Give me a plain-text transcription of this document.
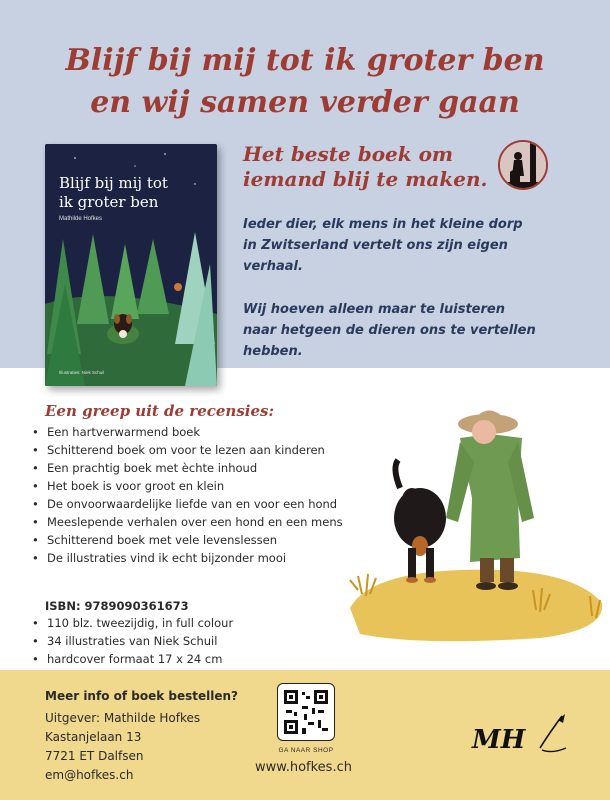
Blijf bij mij tot ik groter ben
en wij samen verder gaan
Blijf bij mij tot
ik groter ben
Mathilde Hofkes
Illustraties: Niek Schuil
Het beste boek om
iemand blij te maken.
Ieder dier, elk mens in het kleine dorp
in Zwitserland vertelt ons zijn eigen
verhaal.
Wij hoeven alleen maar te luisteren
naar hetgeen de dieren ons te vertellen
hebben.
Een greep uit de recensies:
• Een hartverwarmend boek
• Schitterend boek om voor te lezen aan kinderen
• Een prachtig boek met èchte inhoud
• Het boek is voor groot en klein
• De onvoorwaardelijke liefde van en voor een hond
• Meeslepende verhalen over een hond en een mens
• Schitterend boek met vele levenslessen
• De illustraties vind ik echt bijzonder mooi
ISBN: 9789090361673
• 110 blz. tweezijdig, in full colour
• 34 illustraties van Niek Schuil
• hardcover formaat 17 x 24 cm
Meer info of boek bestellen?
Uitgever: Mathilde Hofkes
Kastanjelaan 13
7721 ET Dalfsen
em@hofkes.ch
GA NAAR SHOP
www.hofkes.ch
MH
